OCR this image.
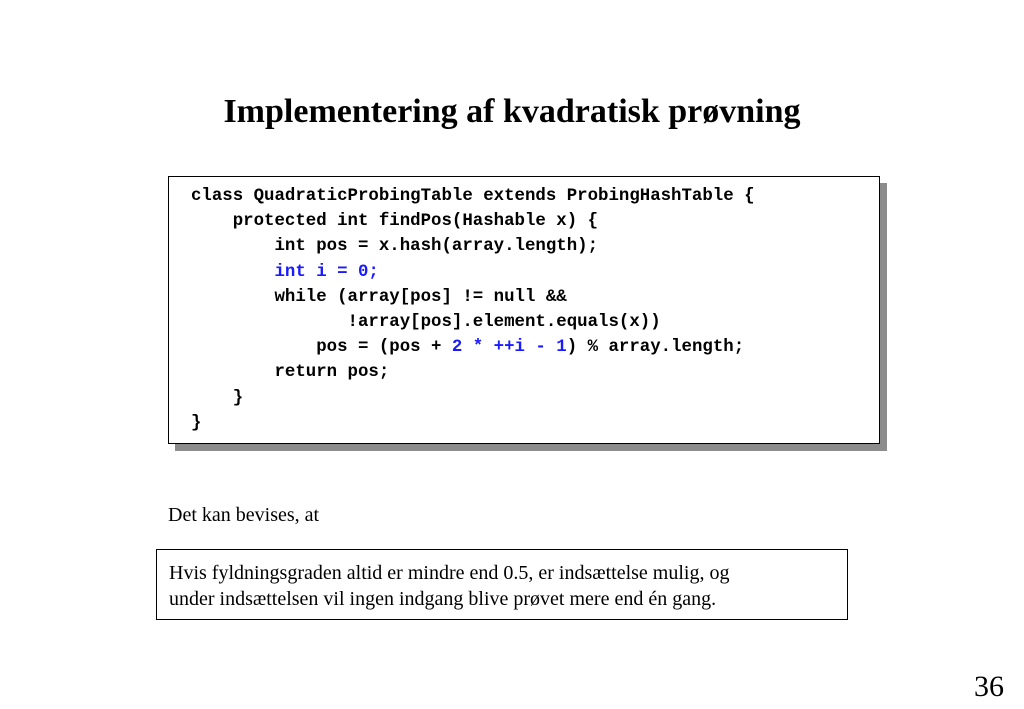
Implementering af kvadratisk prøvning
class QuadraticProbingTable extends ProbingHashTable {
protected int findPos(Hashable x) {
int pos = x.hash(array.length);
int i = 0;
while (array[pos] != null &&
!array[pos].element.equals(x))
pos = (pos + 2 * ++i - 1) % array.length;
return pos;
}
}
Det kan bevises, at
Hvis fyldningsgraden altid er mindre end 0.5, er indsættelse mulig, og
under indsættelsen vil ingen indgang blive prøvet mere end én gang.
36
